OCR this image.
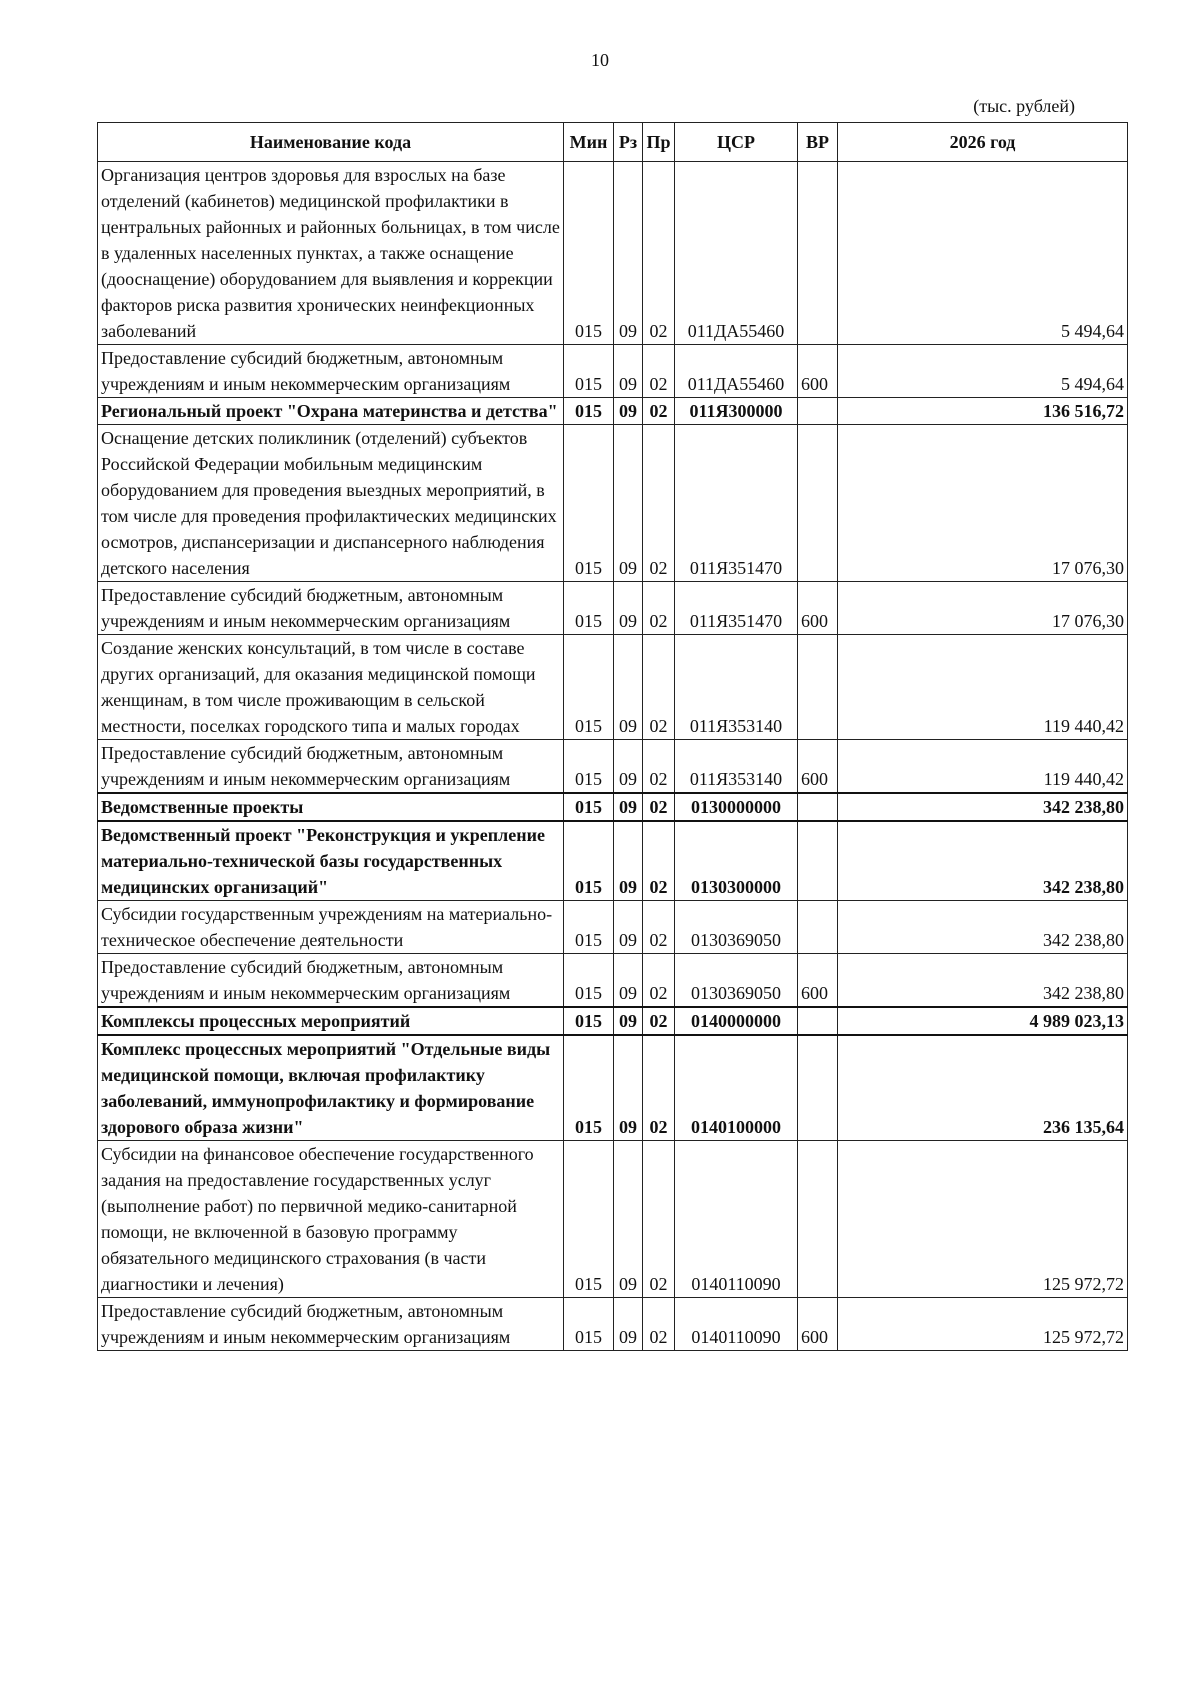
10
(тыс. рублей)
Наименование кода	Мин	Рз	Пр	ЦСР	ВР	2026 год
Организация центров здоровья для взрослых на базе отделений (кабинетов) медицинской профилактики в центральных районных и районных больницах, в том числе в удаленных населенных пунктах, а также оснащение (дооснащение) оборудованием для выявления и коррекции факторов риска развития хронических неинфекционных заболеваний	015	09	02	011ДА55460		5 494,64
Предоставление субсидий бюджетным, автономным учреждениям и иным некоммерческим организациям	015	09	02	011ДА55460	600	5 494,64
Региональный проект "Охрана материнства и детства"	015	09	02	011Я300000		136 516,72
Оснащение детских поликлиник (отделений) субъектов Российской Федерации мобильным медицинским оборудованием для проведения выездных мероприятий, в том числе для проведения профилактических медицинских осмотров, диспансеризации и диспансерного наблюдения детского населения	015	09	02	011Я351470		17 076,30
Предоставление субсидий бюджетным, автономным учреждениям и иным некоммерческим организациям	015	09	02	011Я351470	600	17 076,30
Создание женских консультаций, в том числе в составе других организаций, для оказания медицинской помощи женщинам, в том числе проживающим в сельской местности, поселках городского типа и малых городах	015	09	02	011Я353140		119 440,42
Предоставление субсидий бюджетным, автономным учреждениям и иным некоммерческим организациям	015	09	02	011Я353140	600	119 440,42
Ведомственные проекты	015	09	02	0130000000		342 238,80
Ведомственный проект "Реконструкция и укрепление материально-технической базы государственных медицинских организаций"	015	09	02	0130300000		342 238,80
Субсидии государственным учреждениям на материально-техническое обеспечение деятельности	015	09	02	0130369050		342 238,80
Предоставление субсидий бюджетным, автономным учреждениям и иным некоммерческим организациям	015	09	02	0130369050	600	342 238,80
Комплексы процессных мероприятий	015	09	02	0140000000		4 989 023,13
Комплекс процессных мероприятий "Отдельные виды медицинской помощи, включая профилактику заболеваний, иммунопрофилактику и формирование здорового образа жизни"	015	09	02	0140100000		236 135,64
Субсидии на финансовое обеспечение государственного задания на предоставление государственных услуг (выполнение работ) по первичной медико-санитарной помощи, не включенной в базовую программу обязательного медицинского страхования (в части диагностики и лечения)	015	09	02	0140110090		125 972,72
Предоставление субсидий бюджетным, автономным учреждениям и иным некоммерческим организациям	015	09	02	0140110090	600	125 972,72
